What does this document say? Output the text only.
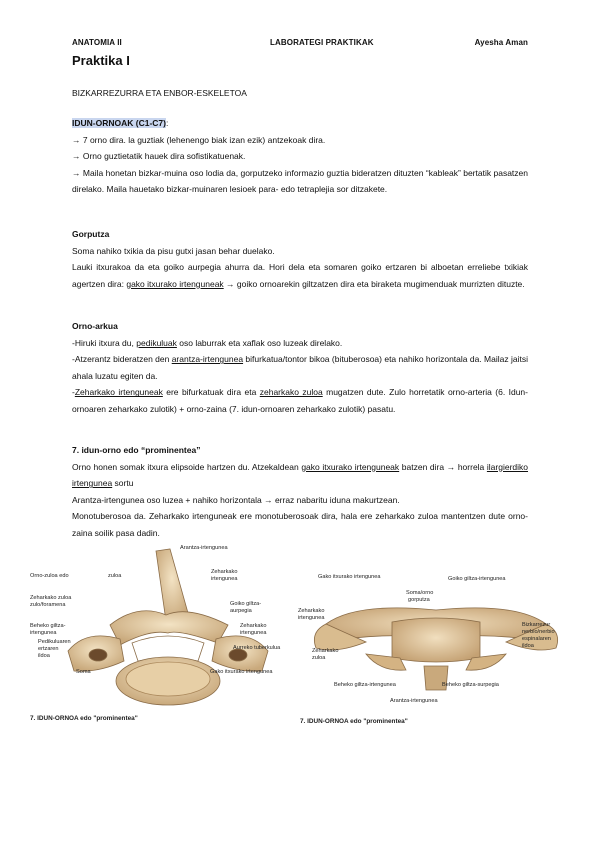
ANATOMIA II	LABORATEGI PRAKTIKAK	Ayesha Aman
Praktika I
BIZKARREZURRA ETA ENBOR-ESKELETOA

IDUN-ORNOAK (C1-C7):

→ 7 orno dira. la guztiak (lehenengo biak izan ezik) antzekoak dira.

→ Orno guztietatik hauek dira sofistikatuenak.

→ Maila honetan bizkar-muina oso lodia da, gorputzeko informazio guztia bideratzen dituzten “kableak” bertatik pasatzen direlako. Maila hauetako bizkar-muinaren lesioek para- edo tetraplejia sor ditzakete.

Gorputza

Soma nahiko txikia da pisu gutxi jasan behar duelako.

Lauki itxurakoa da eta goiko aurpegia ahurra da. Hori dela eta somaren goiko ertzaren bi alboetan erreliebe txikiak agertzen dira: gako itxurako irtenguneak → goiko ornoarekin giltzatzen dira eta biraketa mugimenduak murrizten dituzte.

Orno-arkua

-Hiruki itxura du, pedikuluak oso laburrak eta xaflak oso luzeak direlako.

-Atzerantz bideratzen den arantza-irtengunea bifurkatua/tontor bikoa (bituberosoa) eta nahiko horizontala da. Mailaz jaitsi ahala luzatu egiten da.

-Zeharkako irtenguneak ere bifurkatuak dira eta zeharkako zuloa mugatzen dute. Zulo horretatik orno-arteria (6. Idun-ornoaren zeharkako zulotik) + orno-zaina (7. idun-ornoaren zeharkako zulotik) pasatu.

7. idun-orno edo “prominentea”

Orno honen somak itxura elipsoide hartzen du. Atzekaldean gako itxurako irtenguneak batzen dira → horrela ilargierdiko irtengunea sortu

Arantza-irtengunea oso luzea + nahiko horizontala → erraz nabaritu iduna makurtzean.

Monotuberosoa da. Zeharkako irtenguneak ere monotuberosoak dira, hala ere zeharkako zuloa mantentzen dute orno-zaina soilik pasa dadin.

Arantza-irtengunea
Orno-zuloa edo	zuloa
Zeharkako zuloa
zulo/foramena
Beheko giltza-
irtengunea
Pedikuluaren
ertzaren
ildoa
Soma
Zeharkako
irtengunea
Goiko giltza-
aurpegia
Zeharkako
irtengunea
Aurreko tuberkulua
Gako itxurako irtengunea
7. IDUN-ORNOA edo "prominentea"
Gako itxurako irtengunea	Goiko giltza-irtengunea
Soma/orno
gorputza
Zeharkako
irtengunea
Zeharkako
zuloa
Bizkarrezur
nerbio/nerbio
espinalaren
ildoa
Beheko giltza-irtengunea	Beheko giltza-surpegia
Arantza-irtengunea
7. IDUN-ORNOA edo "prominentea"
